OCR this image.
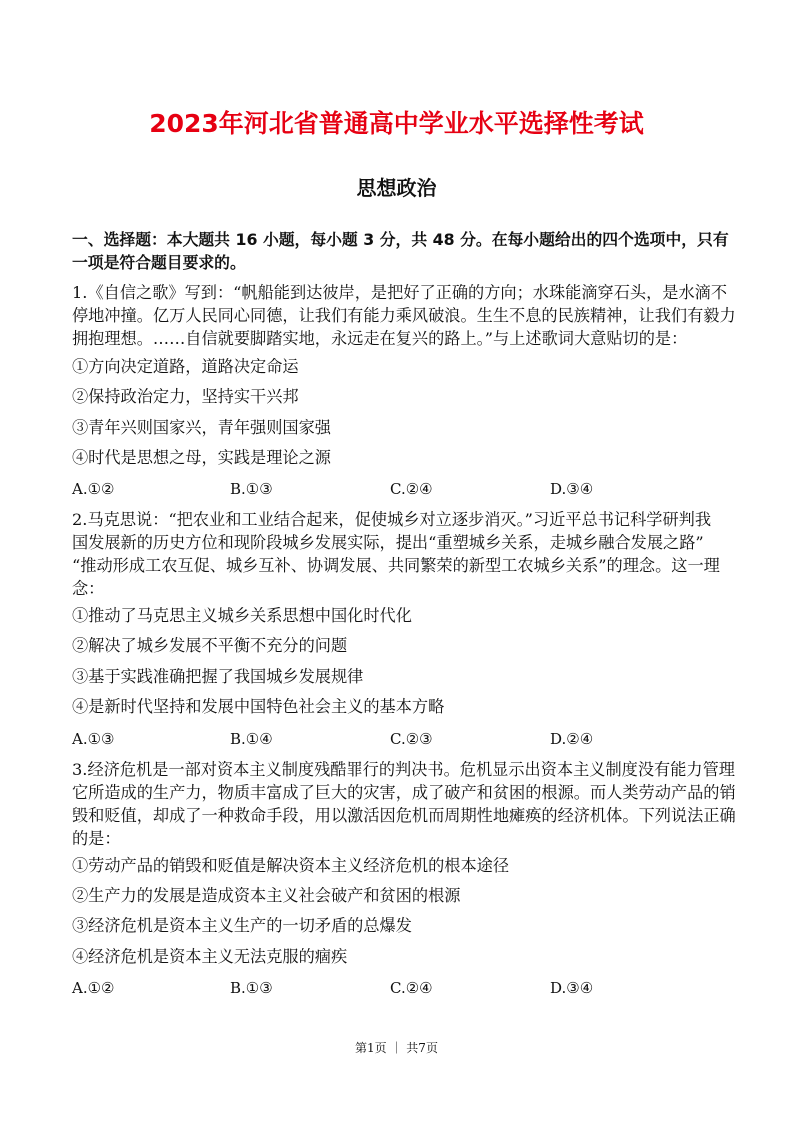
2023年河北省普通高中学业水平选择性考试
思想政治
一、选择题：本大题共 16 小题，每小题 3 分，共 48 分。在每小题给出的四个选项中，只有
一项是符合题目要求的。
1.《自信之歌》写到：“帆船能到达彼岸，是把好了正确的方向；水珠能滴穿石头，是水滴不
停地冲撞。亿万人民同心同德，让我们有能力乘风破浪。生生不息的民族精神，让我们有毅力
拥抱理想。……自信就要脚踏实地，永远走在复兴的路上。”与上述歌词大意贴切的是：
①方向决定道路，道路决定命运
②保持政治定力，坚持实干兴邦
③青年兴则国家兴，青年强则国家强
④时代是思想之母，实践是理论之源
A.①②	B.①③	C.②④	D.③④
2.马克思说：“把农业和工业结合起来，促使城乡对立逐步消灭。”习近平总书记科学研判我
国发展新的历史方位和现阶段城乡发展实际，提出“重塑城乡关系，走城乡融合发展之路”
“推动形成工农互促、城乡互补、协调发展、共同繁荣的新型工农城乡关系”的理念。这一理
念：
①推动了马克思主义城乡关系思想中国化时代化
②解决了城乡发展不平衡不充分的问题
③基于实践准确把握了我国城乡发展规律
④是新时代坚持和发展中国特色社会主义的基本方略
A.①③	B.①④	C.②③	D.②④
3.经济危机是一部对资本主义制度残酷罪行的判决书。危机显示出资本主义制度没有能力管理
它所造成的生产力，物质丰富成了巨大的灾害，成了破产和贫困的根源。而人类劳动产品的销
毁和贬值，却成了一种救命手段，用以激活因危机而周期性地瘫痪的经济机体。下列说法正确
的是：
①劳动产品的销毁和贬值是解决资本主义经济危机的根本途径
②生产力的发展是造成资本主义社会破产和贫困的根源
③经济危机是资本主义生产的一切矛盾的总爆发
④经济危机是资本主义无法克服的痼疾
A.①②	B.①③	C.②④	D.③④
第1页 ｜ 共7页
